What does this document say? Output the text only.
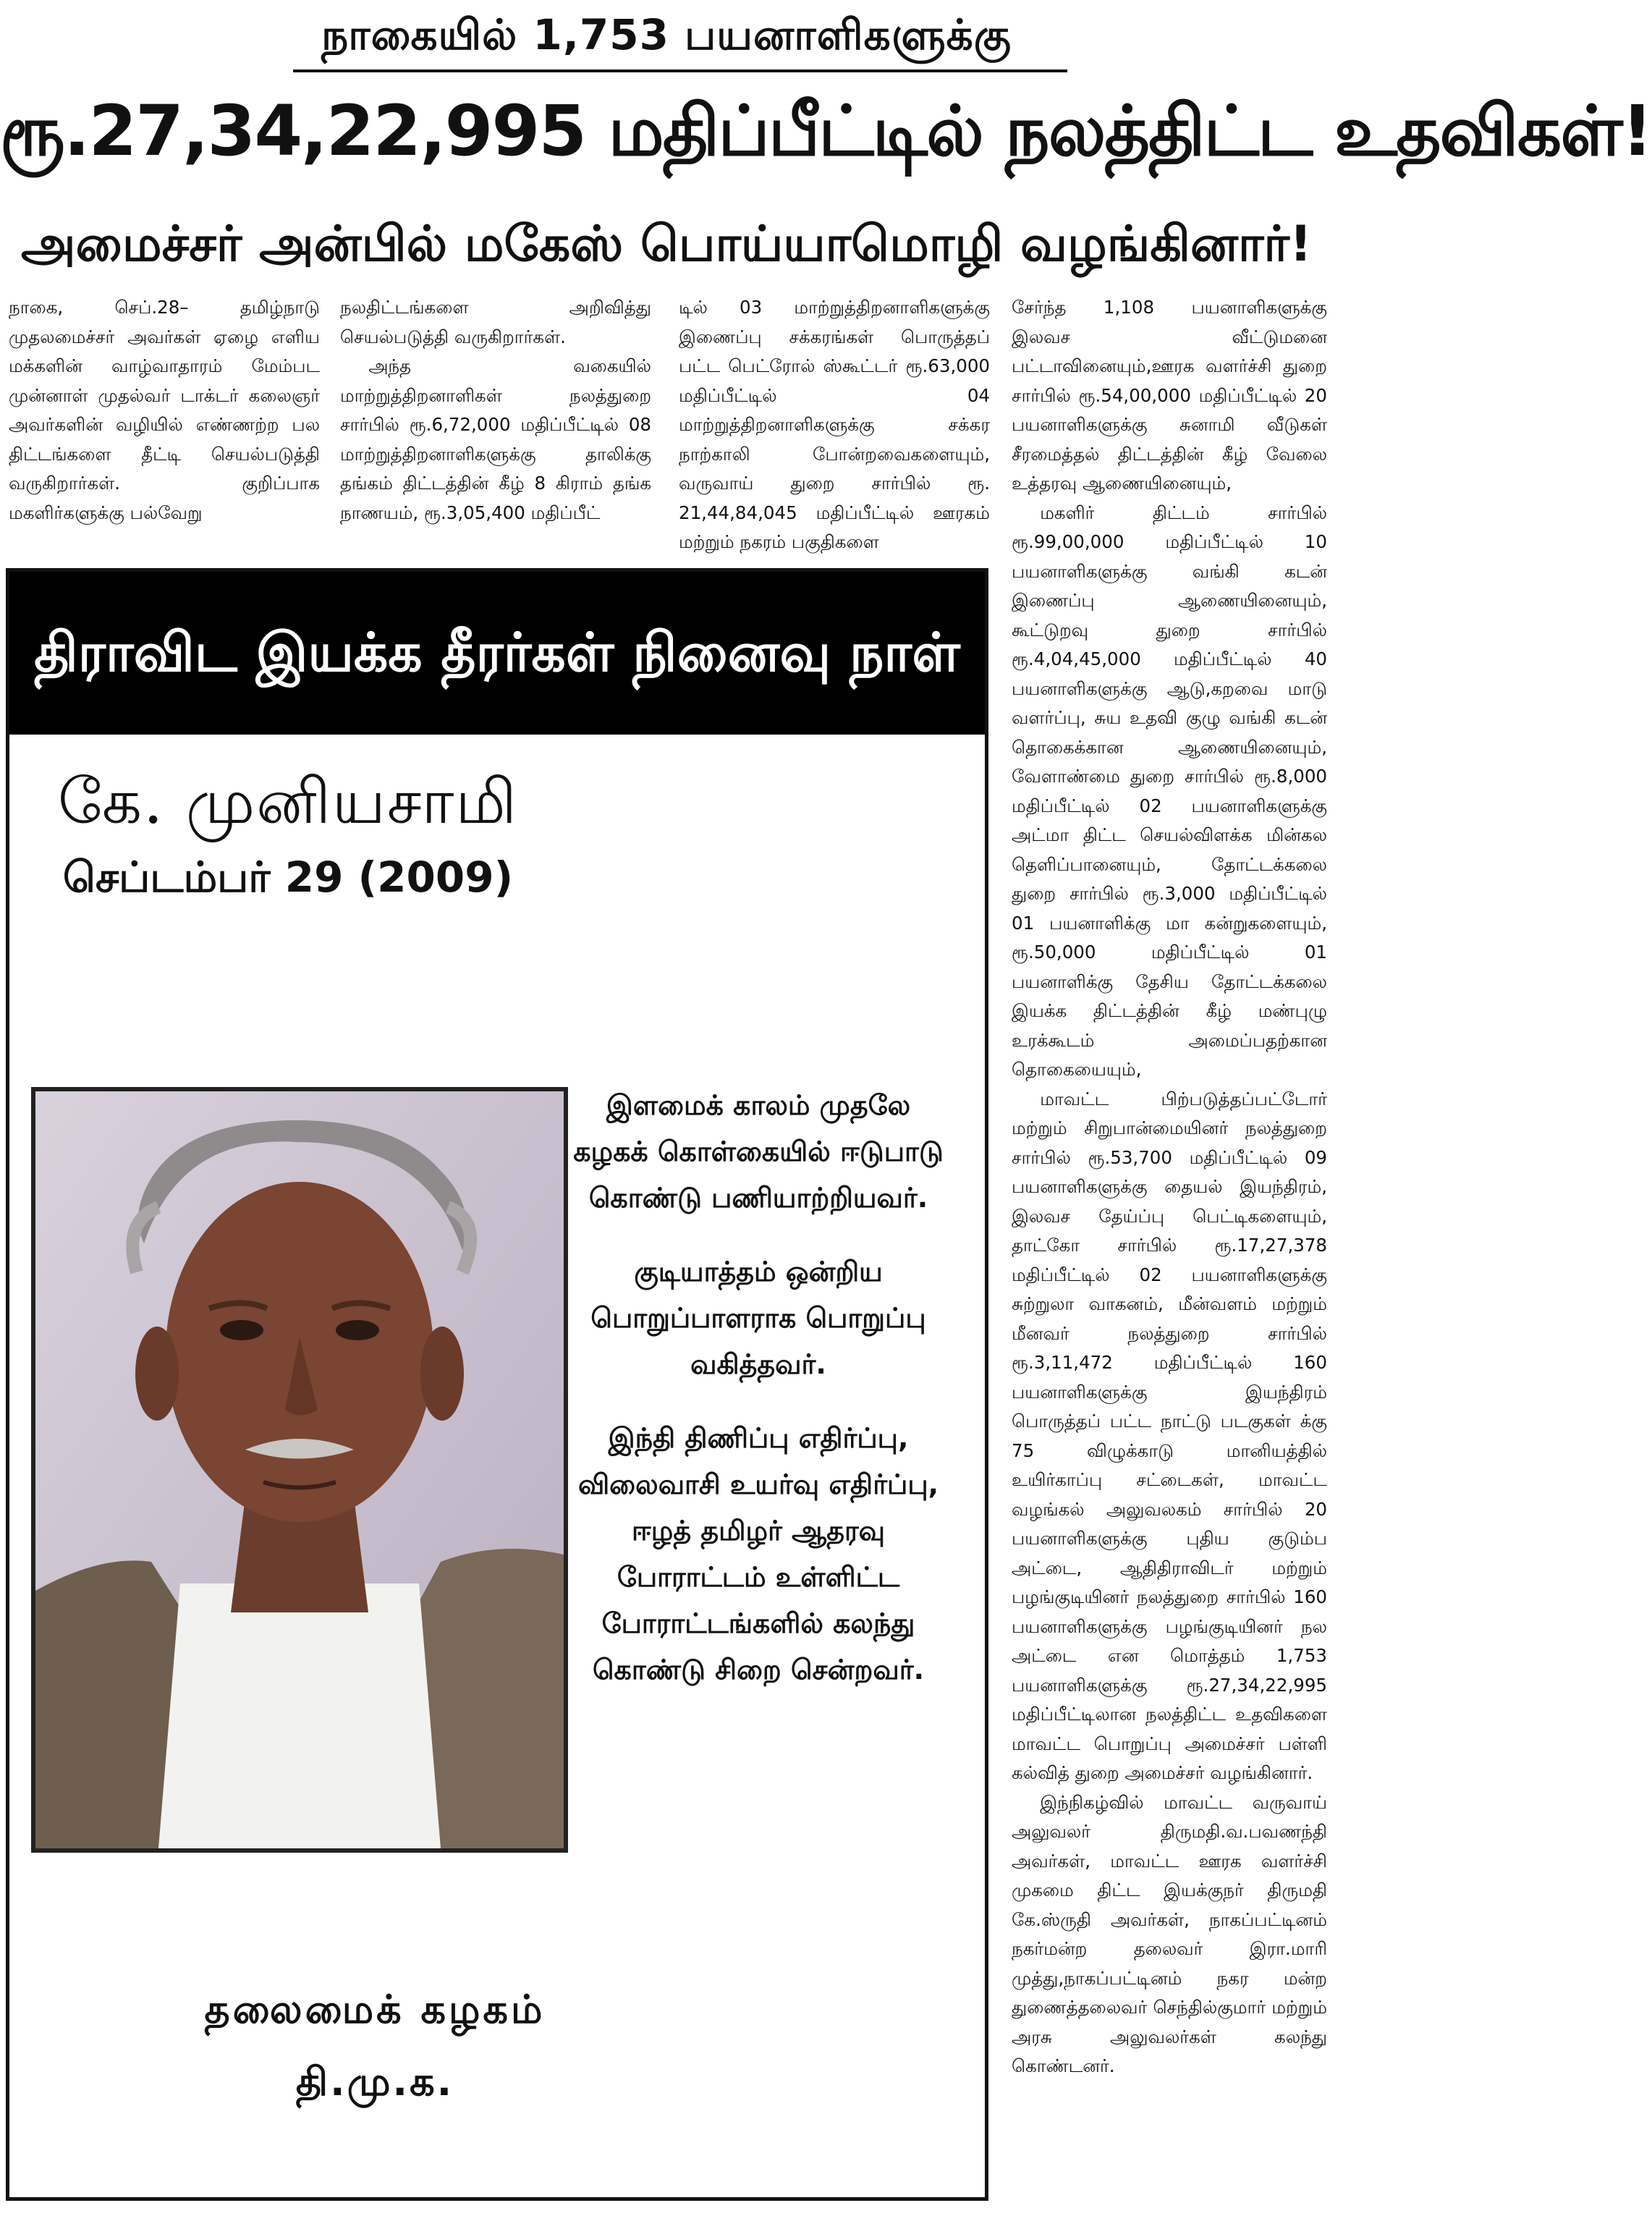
நாகையில் 1,753 பயனாளிகளுக்கு
ரூ.27,34,22,995 மதிப்பீட்டில் நலத்திட்ட உதவிகள்!
அமைச்சர் அன்பில் மகேஸ் பொய்யாமொழி வழங்கினார்!

நாகை, செப்.28– தமிழ்நாடு முதலமைச்சர் அவர்கள் ஏழை எளிய மக்களின் வாழ்வாதாரம் மேம்பட முன்னாள் முதல்வர் டாக்டர் கலைஞர் அவர்களின் வழியில் எண்ணற்ற பல திட்டங்களை தீட்டி செயல்படுத்தி வருகிறார்கள். குறிப்பாக மகளிர்களுக்கு பல்வேறு

நலதிட்டங்களை அறிவித்து செயல்படுத்தி வருகிறார்கள்.

அந்த வகையில் மாற்றுத்திறனாளிகள் நலத்துறை சார்பில் ரூ.6,72,000 மதிப்பீட்டில் 08 மாற்றுத்திறனாளிகளுக்கு தாலிக்கு தங்கம் திட்டத்தின் கீழ் 8 கிராம் தங்க நாணயம், ரூ.3,05,400 மதிப்பீட்

டில் 03 மாற்றுத்திறனாளிகளுக்கு இணைப்பு சக்கரங்கள் பொருத்தப் பட்ட பெட்ரோல் ஸ்கூட்டர் ரூ.63,000 மதிப்பீட்டில் 04 மாற்றுத்திறனாளிகளுக்கு சக்கர நாற்காலி போன்றவைகளையும், வருவாய் துறை சார்பில் ரூ. 21,44,84,045 மதிப்பீட்டில் ஊரகம் மற்றும் நகரம் பகுதிகளை

சேர்ந்த 1,108 பயனாளிகளுக்கு இலவச வீட்டுமனை பட்டாவினையும்,ஊரக வளர்ச்சி துறை சார்பில் ரூ.54,00,000 மதிப்பீட்டில் 20 பயனாளிகளுக்கு சுனாமி வீடுகள் சீரமைத்தல் திட்டத்தின் கீழ் வேலை உத்தரவு ஆணையினையும்,

மகளிர் திட்டம் சார்பில் ரூ.99,00,000 மதிப்பீட்டில் 10 பயனாளிகளுக்கு வங்கி கடன் இணைப்பு ஆணையினையும், கூட்டுறவு துறை சார்பில் ரூ.4,04,45,000 மதிப்பீட்டில் 40 பயனாளிகளுக்கு ஆடு,கறவை மாடு வளர்ப்பு, சுய உதவி குழு வங்கி கடன் தொகைக்கான ஆணையினையும், வேளாண்மை துறை சார்பில் ரூ.8,000 மதிப்பீட்டில் 02 பயனாளிகளுக்கு அட்மா திட்ட செயல்விளக்க மின்கல தெளிப்பானையும், தோட்டக்கலை துறை சார்பில் ரூ.3,000 மதிப்பீட்டில் 01 பயனாளிக்கு மா கன்றுகளையும், ரூ.50,000 மதிப்பீட்டில் 01 பயனாளிக்கு தேசிய தோட்டக்கலை இயக்க திட்டத்தின் கீழ் மண்புழு உரக்கூடம் அமைப்பதற்கான தொகையையும்,

மாவட்ட பிற்படுத்தப்பட்டோர் மற்றும் சிறுபான்மையினர் நலத்துறை சார்பில் ரூ.53,700 மதிப்பீட்டில் 09 பயனாளிகளுக்கு தையல் இயந்திரம், இலவச தேய்ப்பு பெட்டிகளையும், தாட்கோ சார்பில் ரூ.17,27,378 மதிப்பீட்டில் 02 பயனாளிகளுக்கு சுற்றுலா வாகனம், மீன்வளம் மற்றும் மீனவர் நலத்துறை சார்பில் ரூ.3,11,472 மதிப்பீட்டில் 160 பயனாளிகளுக்கு இயந்திரம் பொருத்தப் பட்ட நாட்டு படகுகள் க்கு 75 விழுக்காடு மானியத்தில் உயிர்காப்பு சட்டைகள், மாவட்ட வழங்கல் அலுவலகம் சார்பில் 20 பயனாளிகளுக்கு புதிய குடும்ப அட்டை, ஆதிதிராவிடர் மற்றும் பழங்குடியினர் நலத்துறை சார்பில் 160 பயனாளிகளுக்கு பழங்குடியினர் நல அட்டை என மொத்தம் 1,753 பயனாளிகளுக்கு ரூ.27,34,22,995 மதிப்பீட்டிலான நலத்திட்ட உதவிகளை மாவட்ட பொறுப்பு அமைச்சர் பள்ளி கல்வித் துறை அமைச்சர் வழங்கினார்.

இந்நிகழ்வில் மாவட்ட வருவாய் அலுவலர் திருமதி.வ.பவணந்தி அவர்கள், மாவட்ட ஊரக வளர்ச்சி முகமை திட்ட இயக்குநர் திருமதி கே.ஸ்ருதி அவர்கள், நாகப்பட்டினம் நகர்மன்ற தலைவர் இரா.மாரி முத்து,நாகப்பட்டினம் நகர மன்ற துணைத்தலைவர் செந்தில்குமார் மற்றும் அரசு அலுவலர்கள் கலந்து கொண்டனர்.

திராவிட இயக்க தீரர்கள் நினைவு நாள்
கே. முனியசாமி
செப்டம்பர் 29 (2009)

இளமைக் காலம் முதலே கழகக் கொள்கையில் ஈடுபாடு கொண்டு பணியாற்றியவர்.

குடியாத்தம் ஒன்றிய பொறுப்பாளராக பொறுப்பு வகித்தவர்.

இந்தி திணிப்பு எதிர்ப்பு, விலைவாசி உயர்வு எதிர்ப்பு, ஈழத் தமிழர் ஆதரவு போராட்டம் உள்ளிட்ட போராட்டங்களில் கலந்து கொண்டு சிறை சென்றவர்.

தலைமைக் கழகம்
தி.மு.க.
